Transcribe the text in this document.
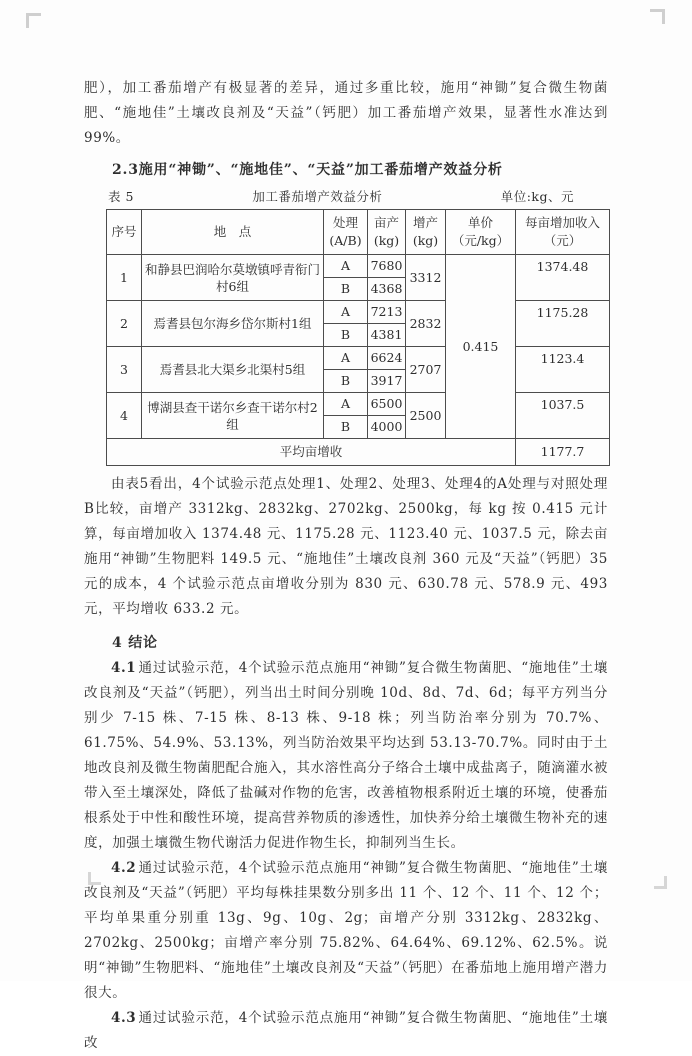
肥），加工番茄增产有极显著的差异，通过多重比较，施用“神锄”复合微生物菌肥、“施地佳”土壤改良剂及“天益”（钙肥）加工番茄增产效果，显著性水准达到99%。

2.3施用“神锄”、“施地佳”、“天益”加工番茄增产效益分析
表 5	加工番茄增产效益分析	单位:kg、元
序号	地　点	
处理
(A/B)

亩产
(kg)

增产
(kg)

单价
（元/kg）

每亩增加收入
（元）

1	和静县巴润哈尔莫墩镇呼青衔门村6组	A	7680	3312	0.415	1374.48
		B	4368			
2	焉耆县包尔海乡岱尔斯村1组	A	7213	2832		1175.28
		B	4381			
3	焉耆县北大渠乡北渠村5组	A	6624	2707		1123.4
		B	3917			
4	博湖县查干诺尔乡查干诺尔村2组	A	6500	2500		1037.5
		B	4000			
平均亩增收						1177.7

由表5看出，4个试验示范点处理1、处理2、处理3、处理4的A处理与对照处理B比较，亩增产 3312kg、2832kg、2702kg、2500kg，每 kg 按 0.415 元计算，每亩增加收入 1374.48 元、1175.28 元、1123.40 元、1037.5 元，除去亩施用“神锄”生物肥料 149.5 元、“施地佳”土壤改良剂 360 元及“天益”（钙肥）35 元的成本，4 个试验示范点亩增收分别为 830 元、630.78 元、578.9 元、493 元，平均增收 633.2 元。

4 结论

4.1 通过试验示范，4个试验示范点施用“神锄”复合微生物菌肥、“施地佳”土壤改良剂及“天益”（钙肥），列当出土时间分别晚 10d、8d、7d、6d；每平方列当分别少 7-15 株、7-15 株、8-13 株、9-18 株；列当防治率分别为 70.7%、61.75%、54.9%、53.13%，列当防治效果平均达到 53.13-70.7%。同时由于土地改良剂及微生物菌肥配合施入，其水溶性高分子络合土壤中成盐离子，随滴灌水被带入至土壤深处，降低了盐碱对作物的危害，改善植物根系附近土壤的环境，使番茄根系处于中性和酸性环境，提高营养物质的渗透性，加快养分给土壤微生物补充的速度，加强土壤微生物代谢活力促进作物生长，抑制列当生长。

4.2 通过试验示范，4个试验示范点施用“神锄”复合微生物菌肥、“施地佳”土壤改良剂及“天益”（钙肥）平均每株挂果数分别多出 11 个、12 个、11 个、12 个；平均单果重分别重 13g、9g、10g、2g；亩增产分别 3312kg、2832kg、2702kg、2500kg；亩增产率分别 75.82%、64.64%、69.12%、62.5%。说明“神锄”生物肥料、“施地佳”土壤改良剂及“天益”（钙肥）在番茄地上施用增产潜力很大。

4.3 通过试验示范，4个试验示范点施用“神锄”复合微生物菌肥、“施地佳”土壤改
